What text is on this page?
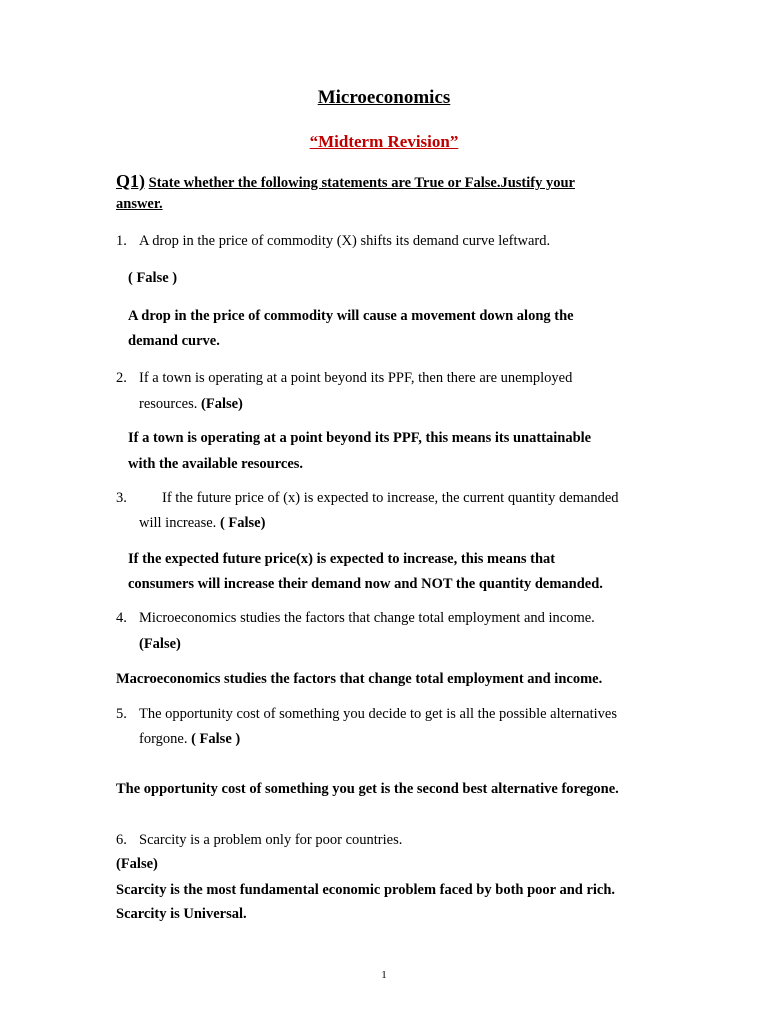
Microeconomics
“Midterm Revision”
Q1) State whether the following statements are True or False.Justify your
answer.
1. A drop in the price of commodity (X) shifts its demand curve leftward.
( False )
A drop in the price of commodity will cause a movement down along the
demand curve.
2. If a town is operating at a point beyond its PPF, then there are unemployed
resources. (False)
If a town is operating at a point beyond its PPF, this means its unattainable
with the available resources.
3. If the future price of (x) is expected to increase, the current quantity demanded
will increase. ( False)
If the expected future price(x) is expected to increase, this means that
consumers will increase their demand now and NOT the quantity demanded.
4. Microeconomics studies the factors that change total employment and income.
(False)
Macroeconomics studies the factors that change total employment and income.
5. The opportunity cost of something you decide to get is all the possible alternatives
forgone. ( False )
The opportunity cost of something you get is the second best alternative foregone.
6. Scarcity is a problem only for poor countries.
(False)
Scarcity is the most fundamental economic problem faced by both poor and rich.
Scarcity is Universal.
1
